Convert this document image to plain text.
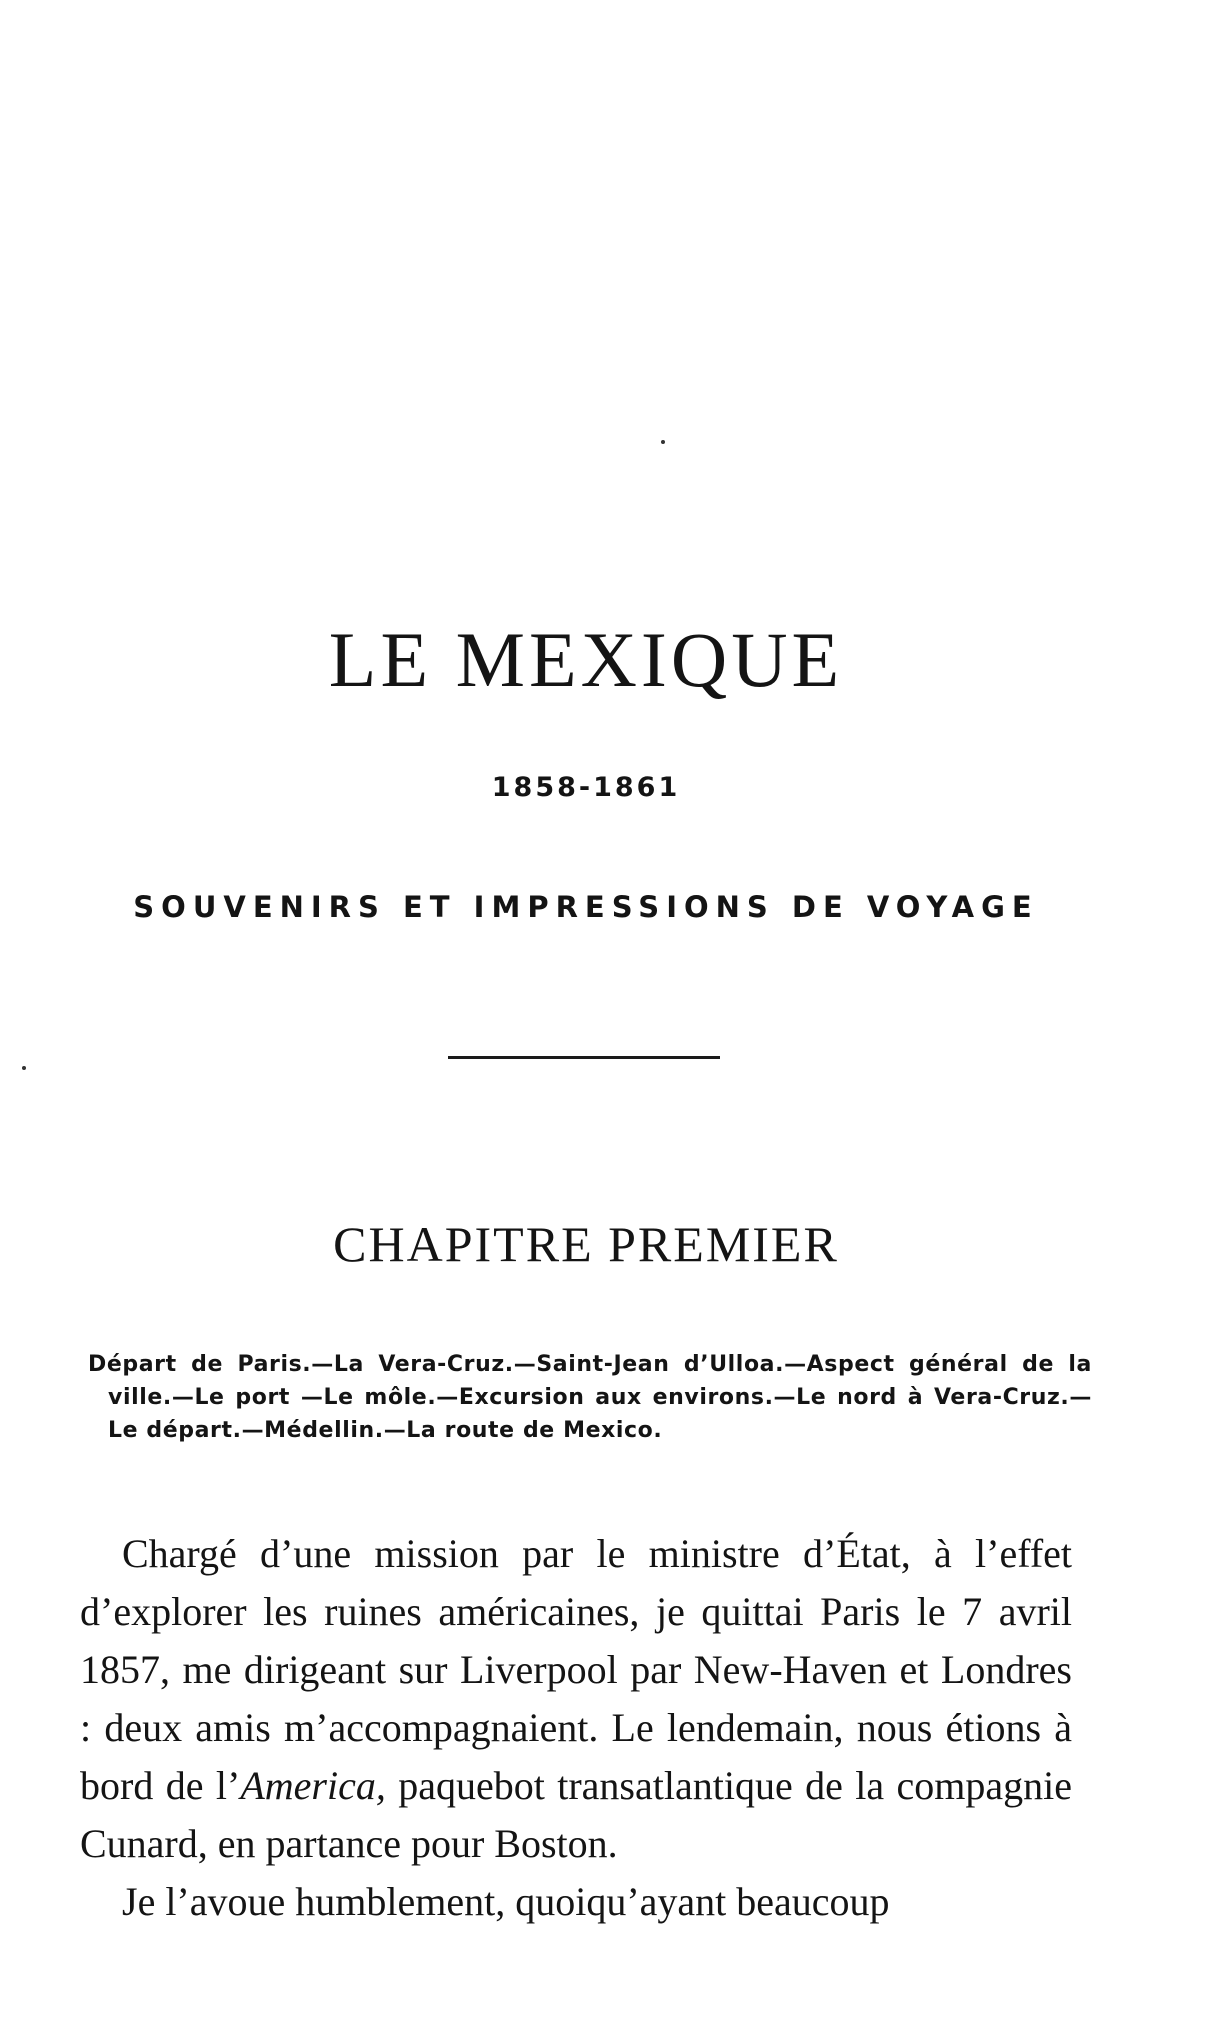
LE MEXIQUE
1858-1861
SOUVENIRS ET IMPRESSIONS DE VOYAGE
CHAPITRE PREMIER
Départ de Paris.—La Vera-Cruz.—Saint-Jean d’Ulloa.—Aspect général de la ville.—Le port —Le môle.—Excursion aux environs.—Le nord à Vera-Cruz.—Le départ.—Médellin.—La route de Mexico.

Chargé d’une mission par le ministre d’État, à l’effet d’explorer les ruines américaines, je quittai Paris le 7 avril 1857, me dirigeant sur Liverpool par New-Haven et Londres : deux amis m’accompagnaient. Le lendemain, nous étions à bord de l’America, paquebot transatlantique de la compagnie Cunard, en partance pour Boston.

Je l’avoue humblement, quoiqu’ayant beaucoup
